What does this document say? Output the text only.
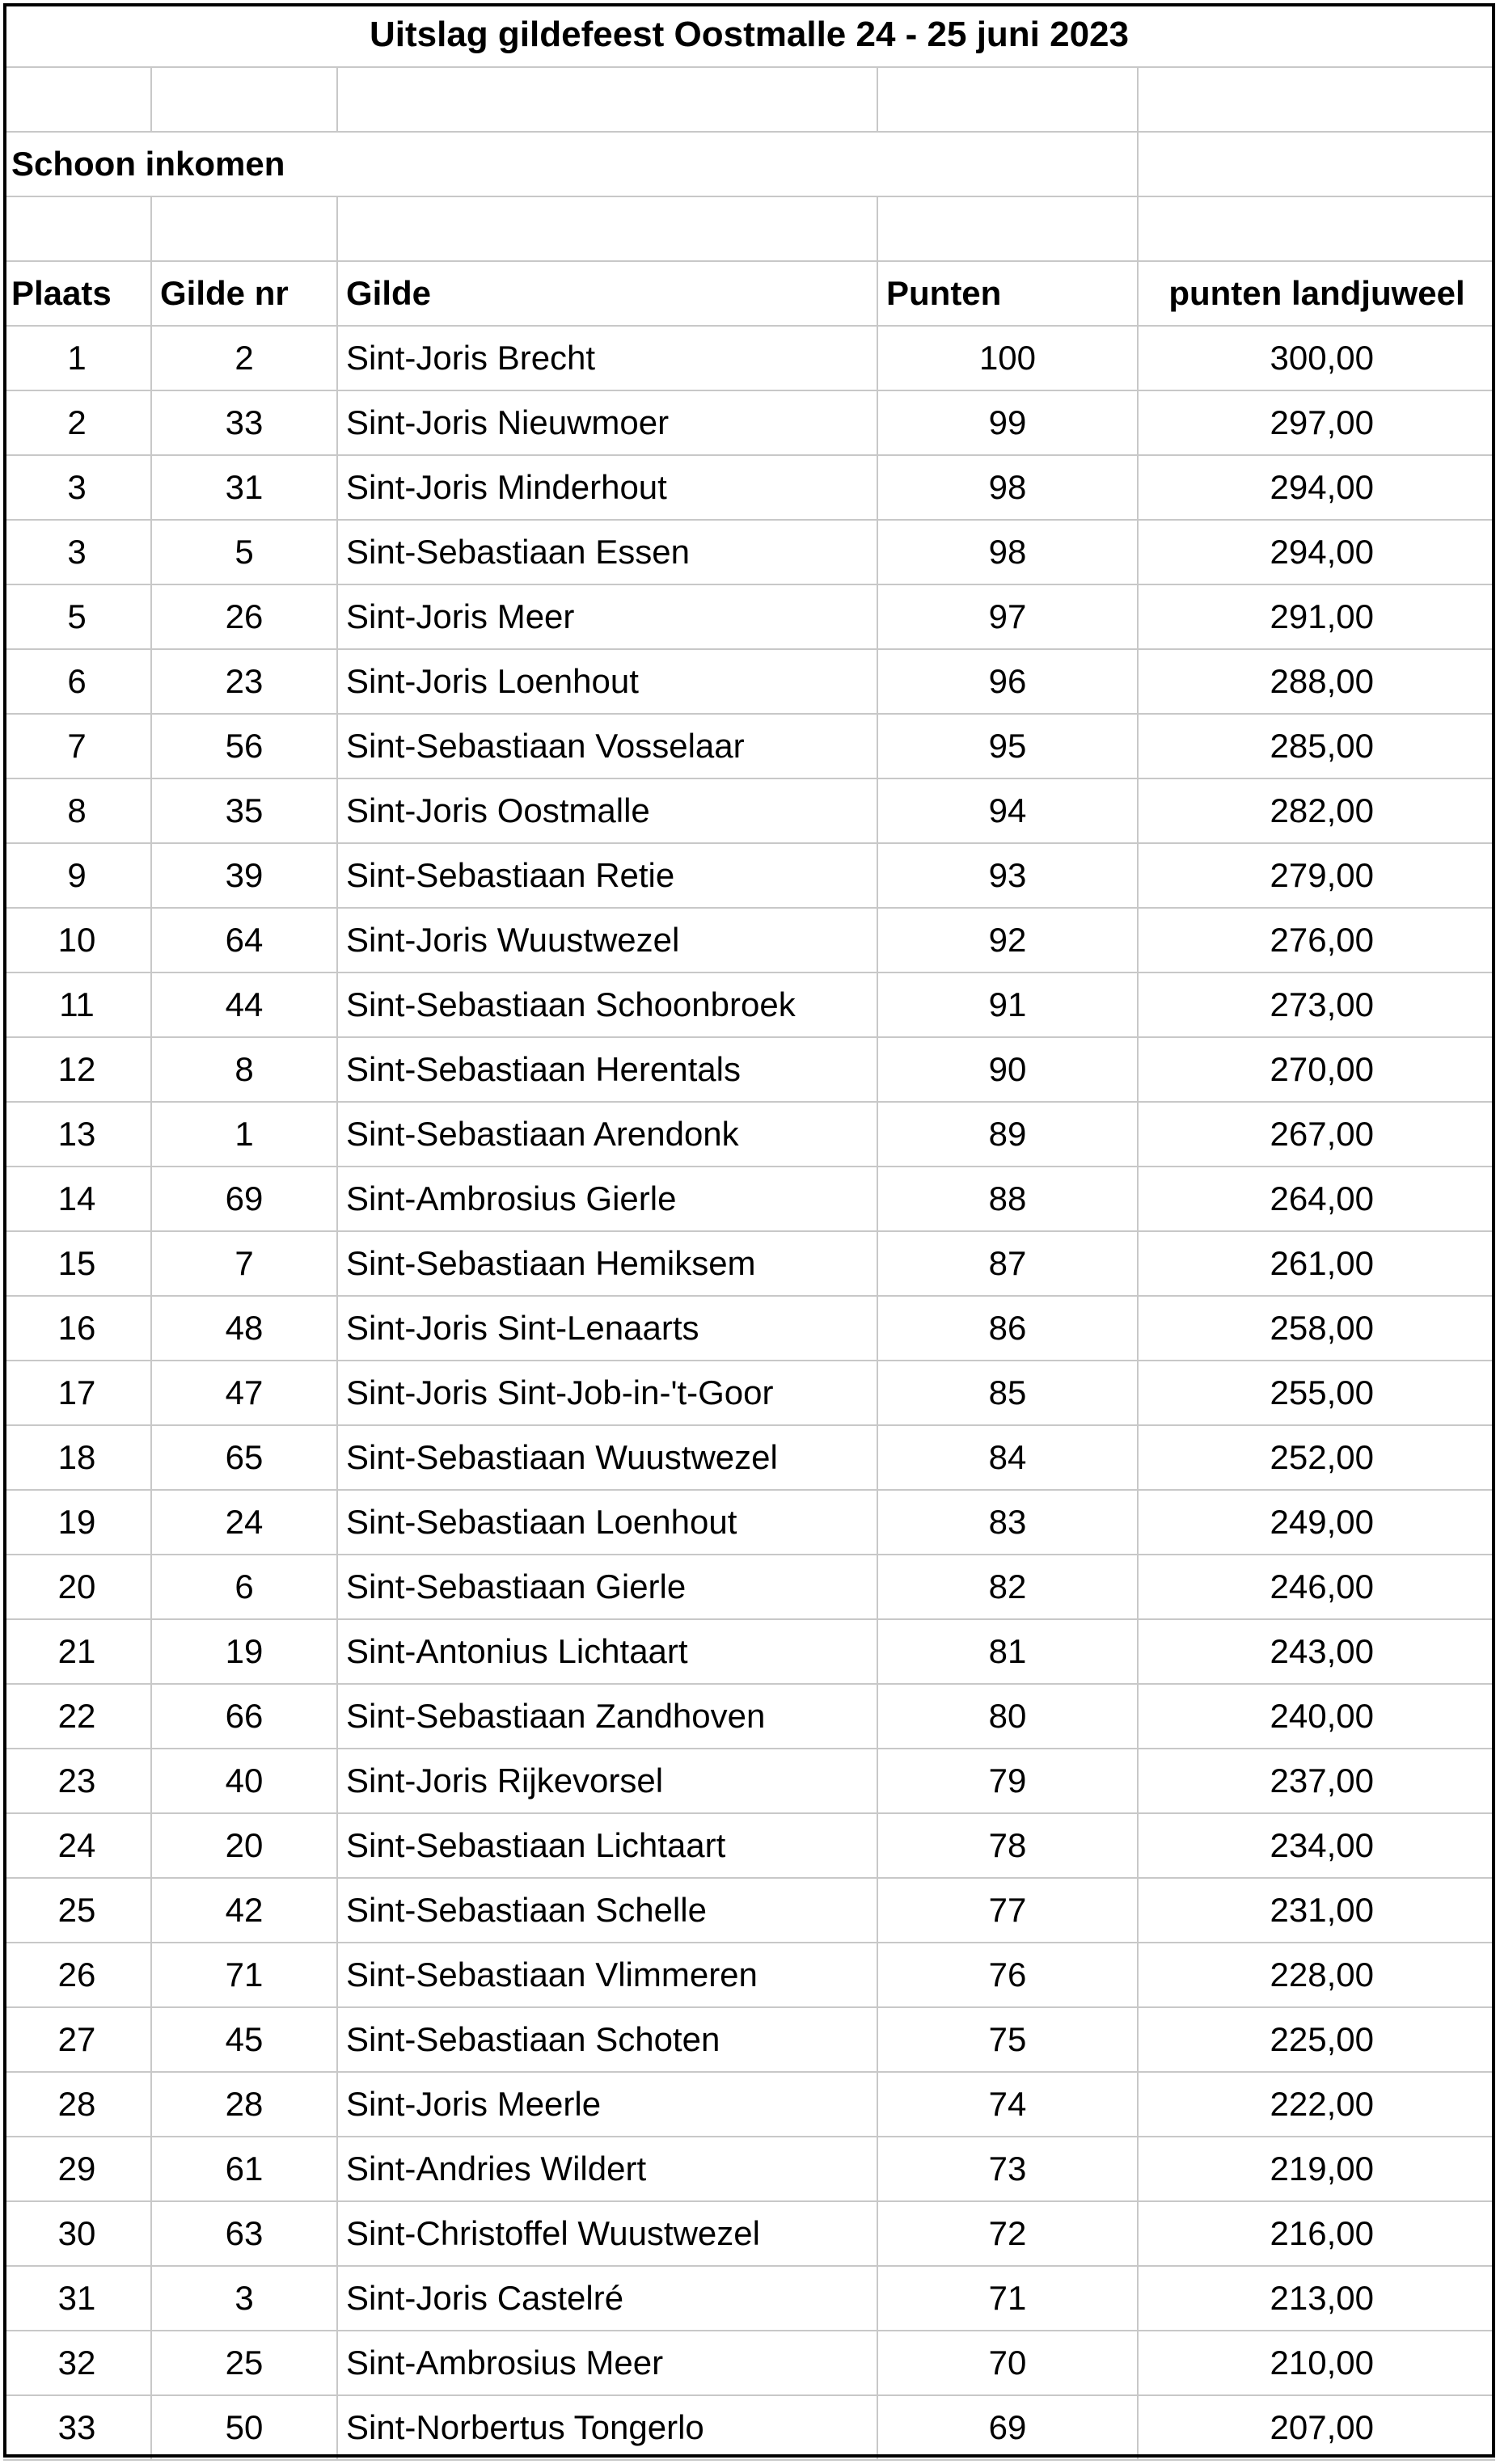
Uitslag gildefeest Oostmalle 24 - 25 juni 2023
Schoon inkomen
Plaats	Gilde nr	Gilde	Punten	punten landjuweel
1	2	Sint-Joris Brecht	100	300,00
2	33	Sint-Joris Nieuwmoer	99	297,00
3	31	Sint-Joris Minderhout	98	294,00
3	5	Sint-Sebastiaan Essen	98	294,00
5	26	Sint-Joris Meer	97	291,00
6	23	Sint-Joris Loenhout	96	288,00
7	56	Sint-Sebastiaan Vosselaar	95	285,00
8	35	Sint-Joris Oostmalle	94	282,00
9	39	Sint-Sebastiaan Retie	93	279,00
10	64	Sint-Joris Wuustwezel	92	276,00
11	44	Sint-Sebastiaan Schoonbroek	91	273,00
12	8	Sint-Sebastiaan Herentals	90	270,00
13	1	Sint-Sebastiaan Arendonk	89	267,00
14	69	Sint-Ambrosius Gierle	88	264,00
15	7	Sint-Sebastiaan Hemiksem	87	261,00
16	48	Sint-Joris Sint-Lenaarts	86	258,00
17	47	Sint-Joris Sint-Job-in-'t-Goor	85	255,00
18	65	Sint-Sebastiaan Wuustwezel	84	252,00
19	24	Sint-Sebastiaan Loenhout	83	249,00
20	6	Sint-Sebastiaan Gierle	82	246,00
21	19	Sint-Antonius Lichtaart	81	243,00
22	66	Sint-Sebastiaan Zandhoven	80	240,00
23	40	Sint-Joris Rijkevorsel	79	237,00
24	20	Sint-Sebastiaan Lichtaart	78	234,00
25	42	Sint-Sebastiaan Schelle	77	231,00
26	71	Sint-Sebastiaan Vlimmeren	76	228,00
27	45	Sint-Sebastiaan Schoten	75	225,00
28	28	Sint-Joris Meerle	74	222,00
29	61	Sint-Andries Wildert	73	219,00
30	63	Sint-Christoffel Wuustwezel	72	216,00
31	3	Sint-Joris Castelré	71	213,00
32	25	Sint-Ambrosius Meer	70	210,00
33	50	Sint-Norbertus Tongerlo	69	207,00
